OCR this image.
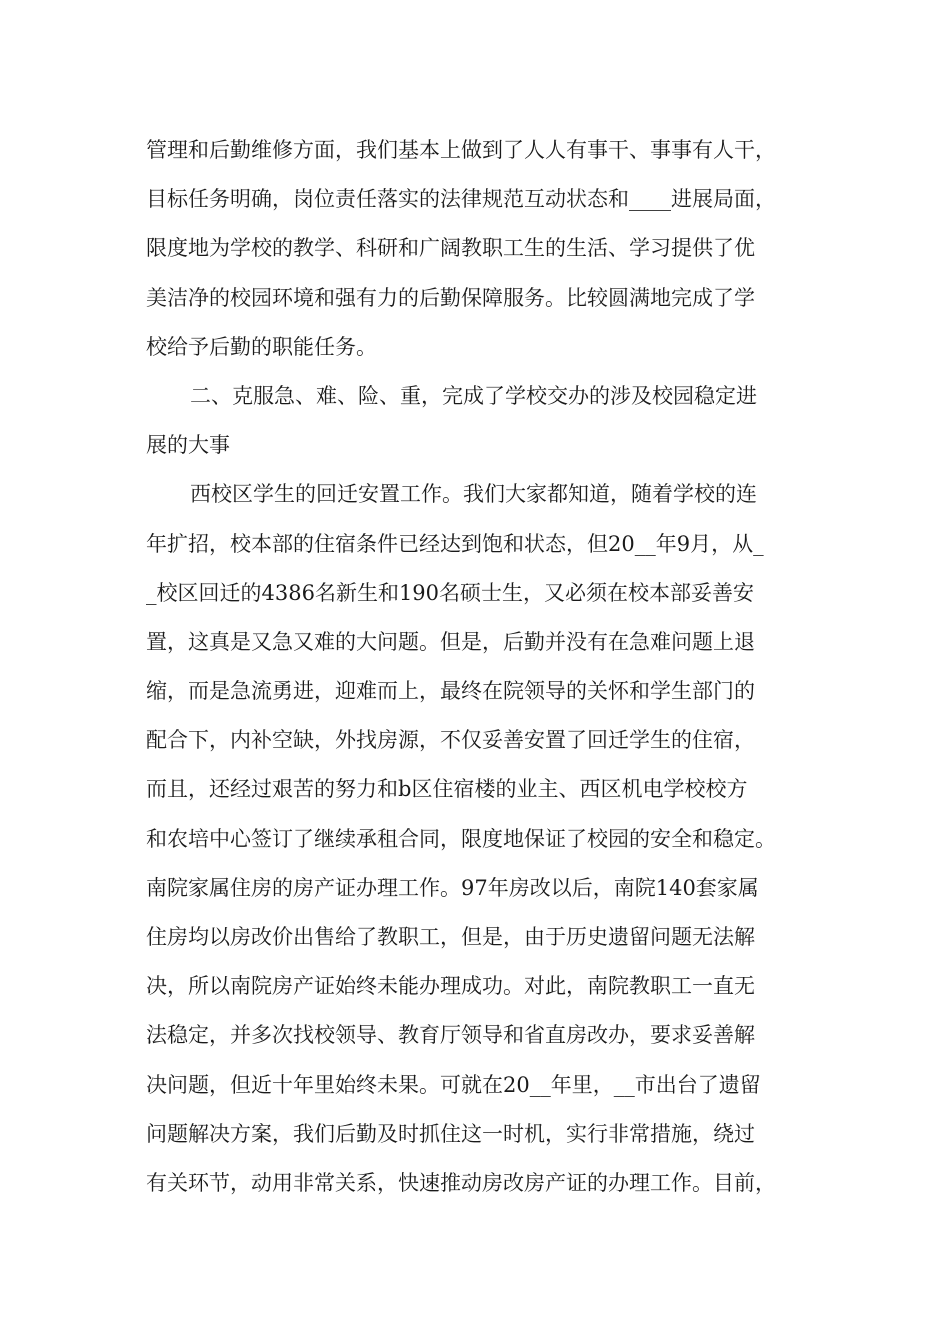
管理和后勤维修方面，我们基本上做到了人人有事干、事事有人干，
目标任务明确，岗位责任落实的法律规范互动状态和____进展局面，
限度地为学校的教学、科研和广阔教职工生的生活、学习提供了优
美洁净的校园环境和强有力的后勤保障服务。比较圆满地完成了学
校给予后勤的职能任务。
二、克服急、难、险、重，完成了学校交办的涉及校园稳定进
展的大事
西校区学生的回迁安置工作。我们大家都知道，随着学校的连
年扩招，校本部的住宿条件已经达到饱和状态，但20__年9月，从_
_校区回迁的4386名新生和190名硕士生，又必须在校本部妥善安
置，这真是又急又难的大问题。但是，后勤并没有在急难问题上退
缩，而是急流勇进，迎难而上，最终在院领导的关怀和学生部门的
配合下，内补空缺，外找房源，不仅妥善安置了回迁学生的住宿，
而且，还经过艰苦的努力和b区住宿楼的业主、西区机电学校校方
和农培中心签订了继续承租合同，限度地保证了校园的安全和稳定。
南院家属住房的房产证办理工作。97年房改以后，南院140套家属
住房均以房改价出售给了教职工，但是，由于历史遗留问题无法解
决，所以南院房产证始终未能办理成功。对此，南院教职工一直无
法稳定，并多次找校领导、教育厅领导和省直房改办，要求妥善解
决问题，但近十年里始终未果。可就在20__年里，__市出台了遗留
问题解决方案，我们后勤及时抓住这一时机，实行非常措施，绕过
有关环节，动用非常关系，快速推动房改房产证的办理工作。目前，
